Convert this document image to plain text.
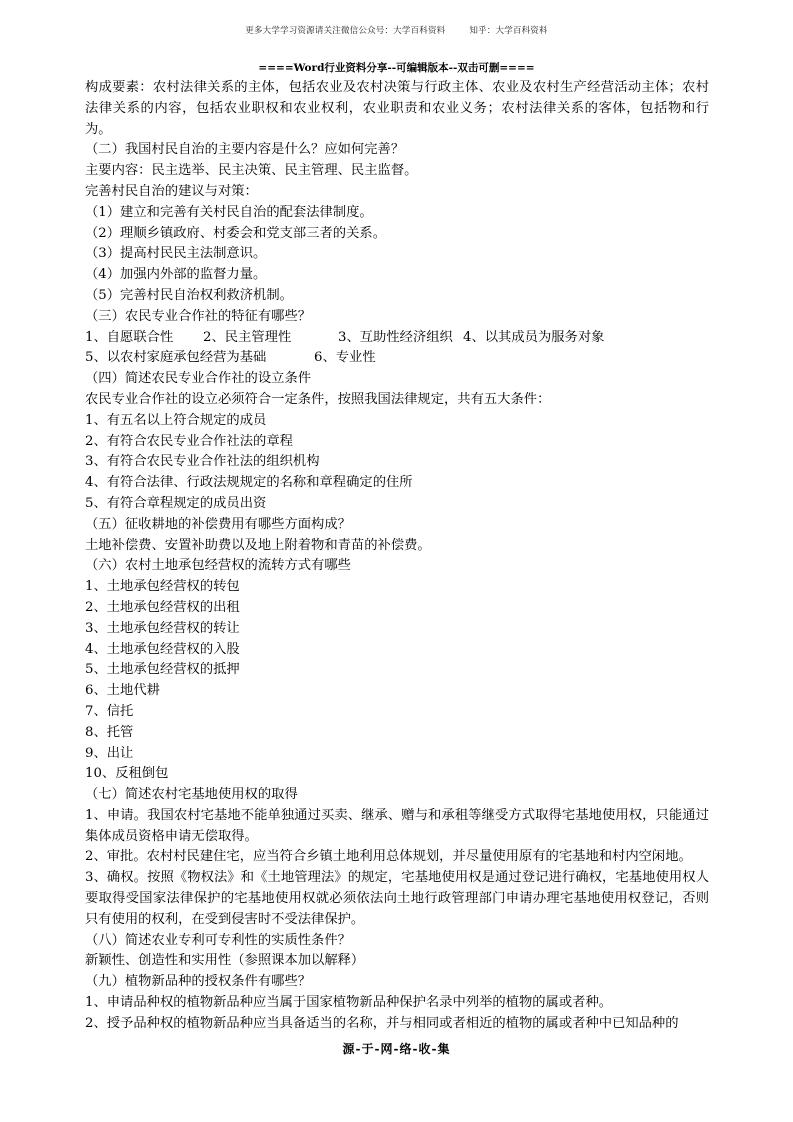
更多大学学习资源请关注微信公众号：大学百科资料	知乎：大学百科资料
====Word行业资料分享--可编辑版本--双击可删====

构成要素：农村法律关系的主体，包括农业及农村决策与行政主体、农业及农村生产经营活动主体；农村法律关系的内容，包括农业职权和农业权利，农业职责和农业义务；农村法律关系的客体，包括物和行为。

（二）我国村民自治的主要内容是什么？应如何完善？

主要内容：民主选举、民主决策、民主管理、民主监督。

完善村民自治的建议与对策：

（1）建立和完善有关村民自治的配套法律制度。

（2）理顺乡镇政府、村委会和党支部三者的关系。

（3）提高村民民主法制意识。

（4）加强内外部的监督力量。

（5）完善村民自治权利救济机制。

（三）农民专业合作社的特征有哪些？

1、自愿联合性	2、民主管理性	3、互助性经济组织 4、以其成员为服务对象
5、以农村家庭承包经营为基础	6、专业性

（四）简述农民专业合作社的设立条件

农民专业合作社的设立必须符合一定条件，按照我国法律规定，共有五大条件：

1、有五名以上符合规定的成员

2、有符合农民专业合作社法的章程

3、有符合农民专业合作社法的组织机构

4、有符合法律、行政法规规定的名称和章程确定的住所

5、有符合章程规定的成员出资

（五）征收耕地的补偿费用有哪些方面构成？

土地补偿费、安置补助费以及地上附着物和青苗的补偿费。

（六）农村土地承包经营权的流转方式有哪些

1、土地承包经营权的转包

2、土地承包经营权的出租

3、土地承包经营权的转让

4、土地承包经营权的入股

5、土地承包经营权的抵押

6、土地代耕

7、信托

8、托管

9、出让

10、反租倒包

（七）简述农村宅基地使用权的取得

1、申请。我国农村宅基地不能单独通过买卖、继承、赠与和承租等继受方式取得宅基地使用权，只能通过集体成员资格申请无偿取得。

2、审批。农村村民建住宅，应当符合乡镇土地利用总体规划，并尽量使用原有的宅基地和村内空闲地。

3、确权。按照《物权法》和《土地管理法》的规定，宅基地使用权是通过登记进行确权，宅基地使用权人要取得受国家法律保护的宅基地使用权就必须依法向土地行政管理部门申请办理宅基地使用权登记，否则只有使用的权利，在受到侵害时不受法律保护。

（八）简述农业专利可专利性的实质性条件？

新颖性、创造性和实用性（参照课本加以解释）

（九）植物新品种的授权条件有哪些？

1、申请品种权的植物新品种应当属于国家植物新品种保护名录中列举的植物的属或者种。

2、授予品种权的植物新品种应当具备适当的名称，并与相同或者相近的植物的属或者种中已知品种的

源-于-网-络-收-集
